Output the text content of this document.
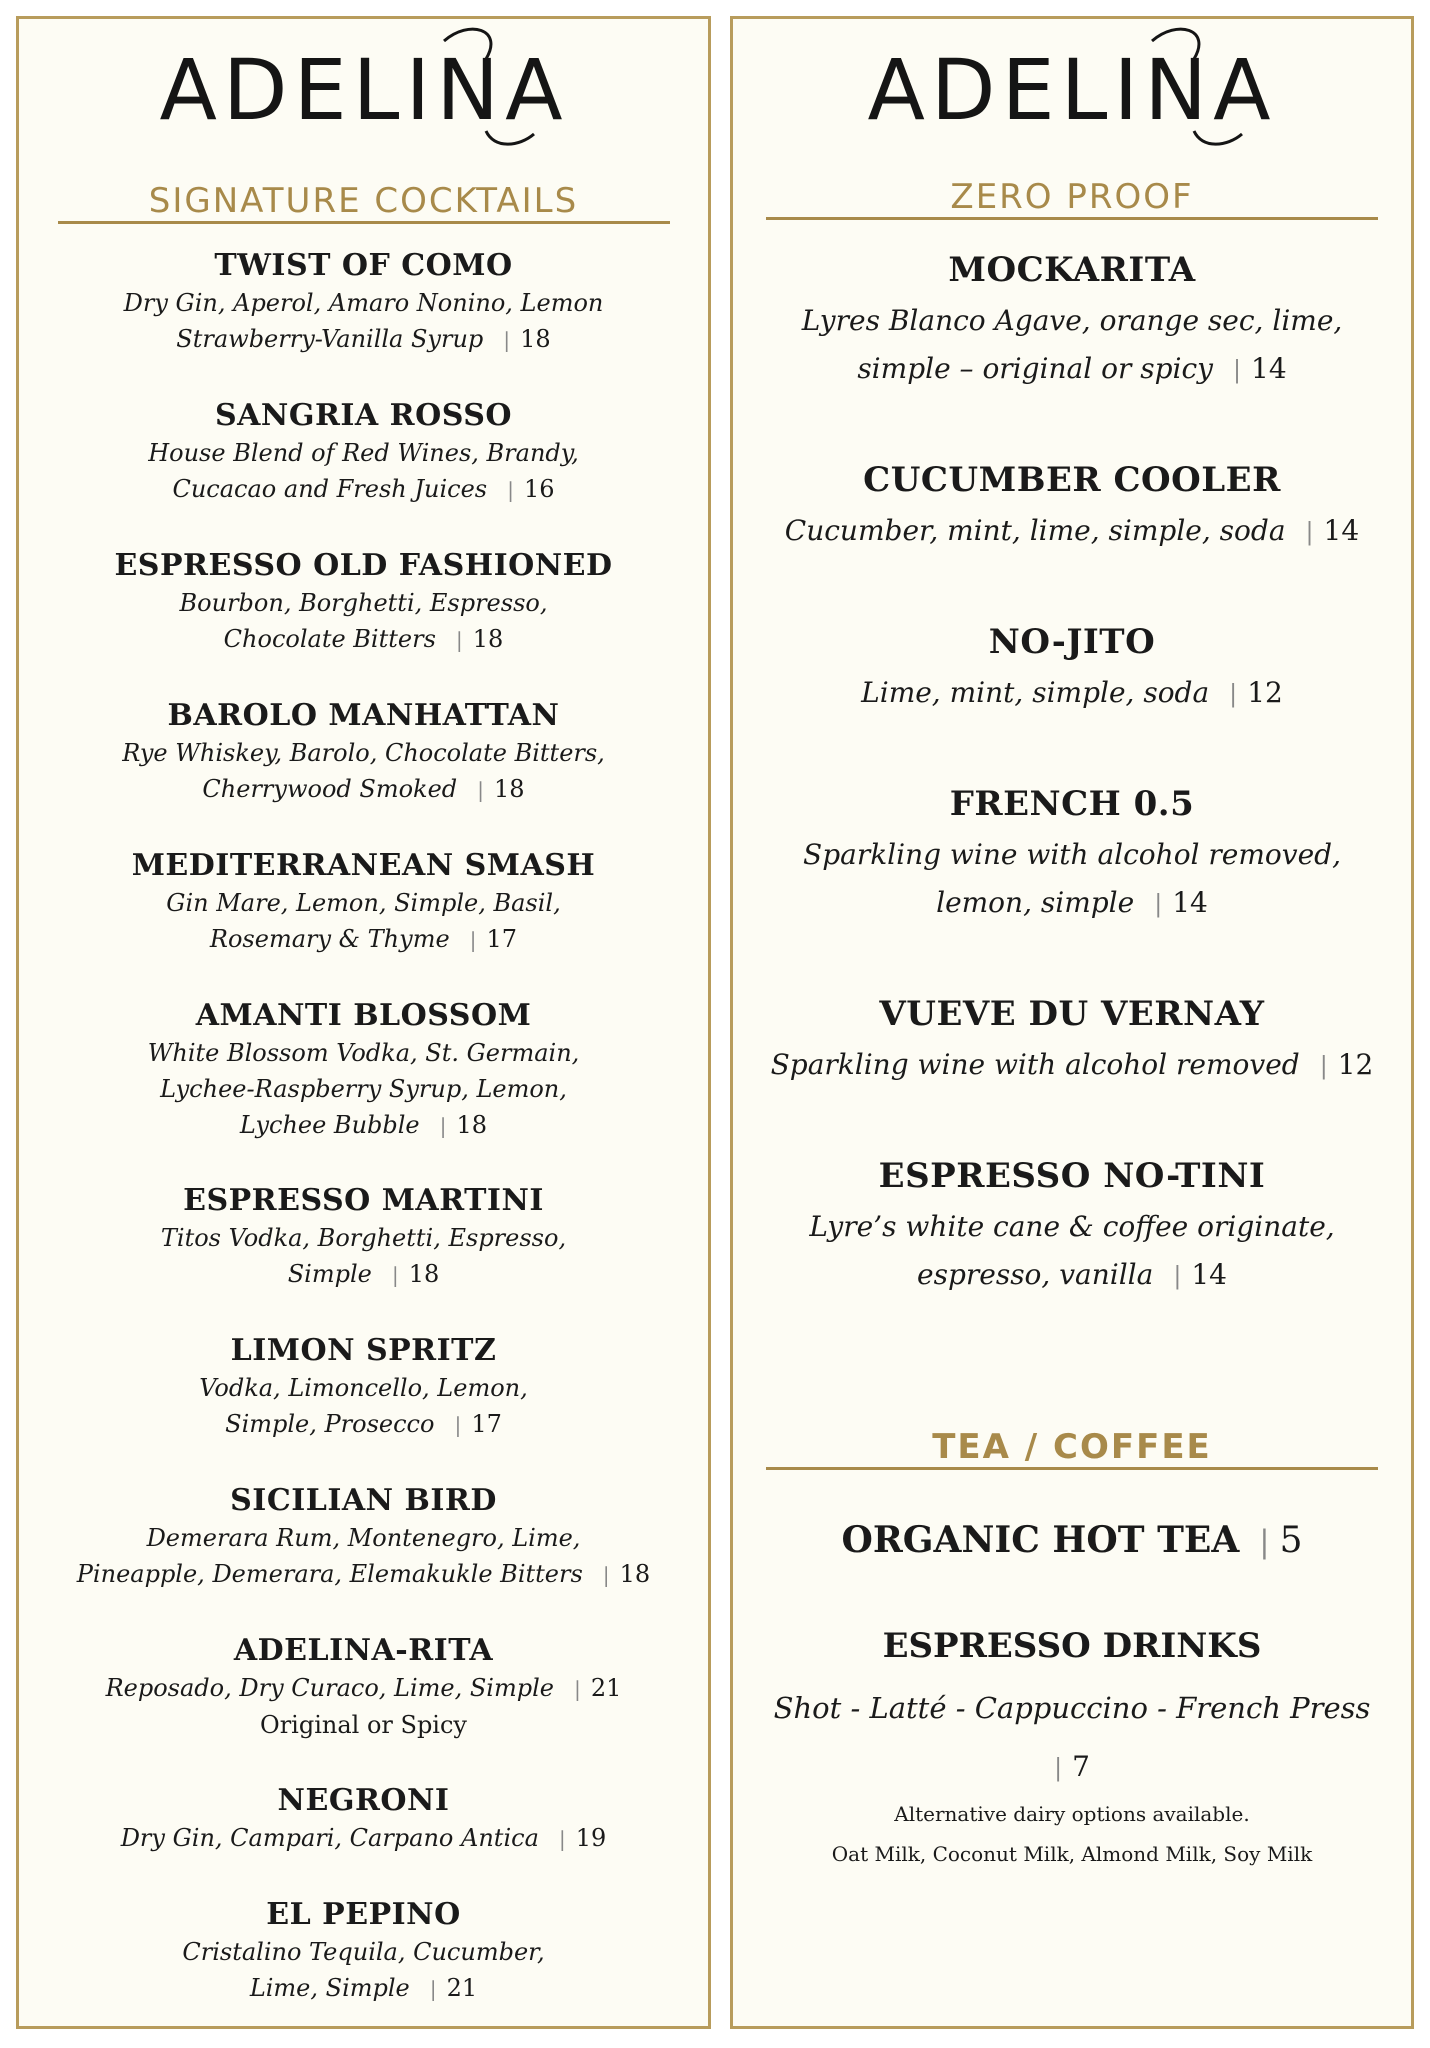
ADELINA
SIGNATURE COCKTAILS
TWIST OF COMO
Dry Gin, Aperol, Amaro Nonino, Lemon
Strawberry-Vanilla Syrup | 18
SANGRIA ROSSO
House Blend of Red Wines, Brandy,
Cucacao and Fresh Juices | 16
ESPRESSO OLD FASHIONED
Bourbon, Borghetti, Espresso,
Chocolate Bitters | 18
BAROLO MANHATTAN
Rye Whiskey, Barolo, Chocolate Bitters,
Cherrywood Smoked | 18
MEDITERRANEAN SMASH
Gin Mare, Lemon, Simple, Basil,
Rosemary & Thyme | 17
AMANTI BLOSSOM
White Blossom Vodka, St. Germain,
Lychee-Raspberry Syrup, Lemon,
Lychee Bubble | 18
ESPRESSO MARTINI
Titos Vodka, Borghetti, Espresso,
Simple | 18
LIMON SPRITZ
Vodka, Limoncello, Lemon,
Simple, Prosecco | 17
SICILIAN BIRD
Demerara Rum, Montenegro, Lime,
Pineapple, Demerara, Elemakukle Bitters | 18
ADELINA-RITA
Reposado, Dry Curaco, Lime, Simple | 21
Original or Spicy
NEGRONI
Dry Gin, Campari, Carpano Antica | 19
EL PEPINO
Cristalino Tequila, Cucumber,
Lime, Simple | 21
ADELINA
ZERO PROOF
MOCKARITA
Lyres Blanco Agave, orange sec, lime,
simple – original or spicy | 14
CUCUMBER COOLER
Cucumber, mint, lime, simple, soda | 14
NO-JITO
Lime, mint, simple, soda | 12
FRENCH 0.5
Sparkling wine with alcohol removed,
lemon, simple | 14
VUEVE DU VERNAY
Sparkling wine with alcohol removed | 12
ESPRESSO NO-TINI
Lyre’s white cane & coffee originate,
espresso, vanilla | 14
TEA / COFFEE
ORGANIC HOT TEA | 5
ESPRESSO DRINKS
Shot - Latté - Cappuccino - French Press
| 7
Alternative dairy options available.
Oat Milk, Coconut Milk, Almond Milk, Soy Milk
